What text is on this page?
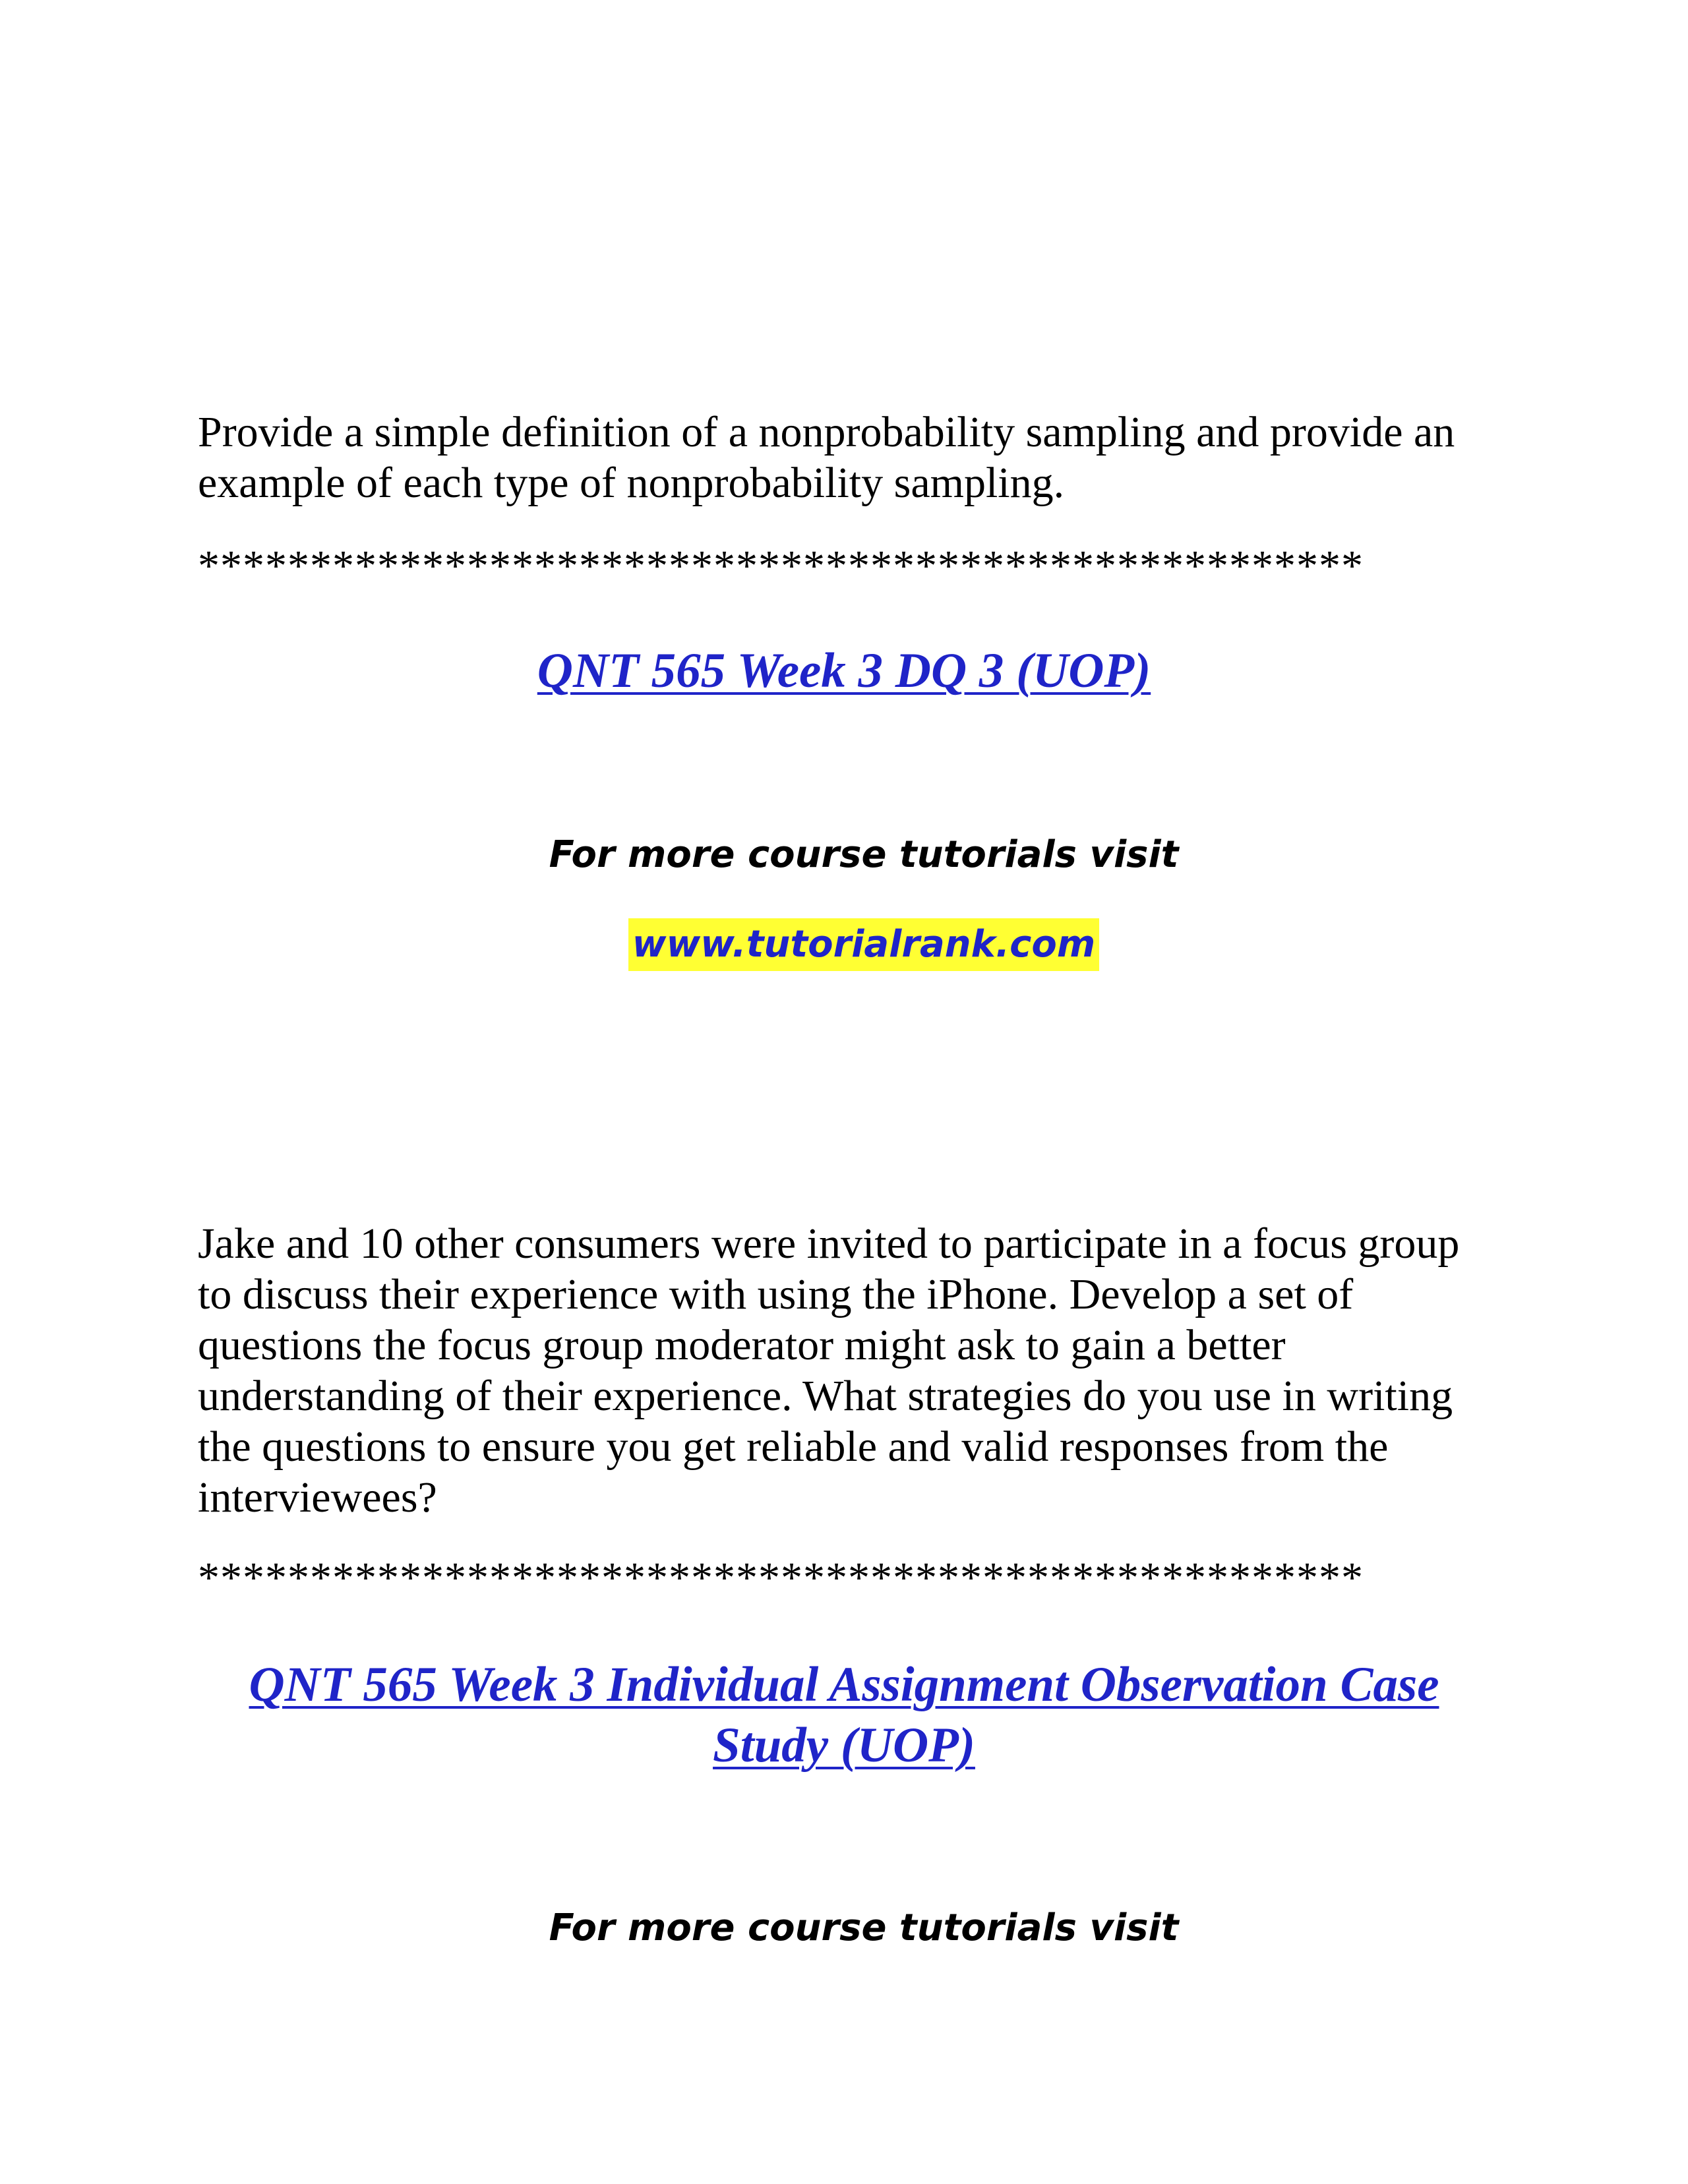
Provide a simple definition of a nonprobability sampling and provide an example of each type of nonprobability sampling.

****************************************************

QNT 565 Week 3 DQ 3 (UOP)

For more course tutorials visit

www.tutorialrank.com

Jake and 10 other consumers were invited to participate in a focus group to discuss their experience with using the iPhone. Develop a set of questions the focus group moderator might ask to gain a better understanding of their experience. What strategies do you use in writing the questions to ensure you get reliable and valid responses from the interviewees?

****************************************************

QNT 565 Week 3 Individual Assignment Observation Case Study (UOP)

For more course tutorials visit
